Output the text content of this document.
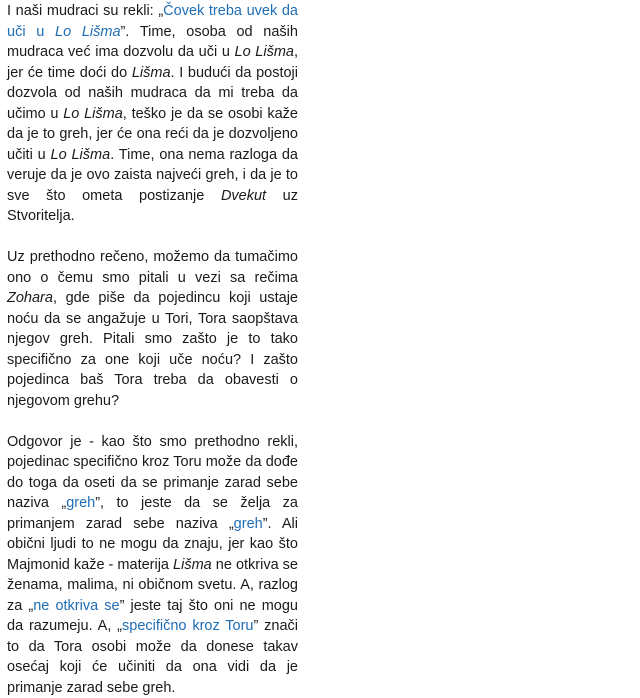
I naši mudraci su rekli: „Čovek treba uvek da uči u Lo Lišma”. Time, osoba od naših mudraca već ima dozvolu da uči u Lo Lišma, jer će time doći do Lišma. I budući da postoji dozvola od naših mudraca da mi treba da učimo u Lo Lišma, teško je da se osobi kaže da je to greh, jer će ona reći da je dozvoljeno učiti u Lo Lišma. Time, ona nema razloga da veruje da je ovo zaista najveći greh, i da je to sve što ometa postizanje Dvekut uz Stvoritelja.

Uz prethodno rečeno, možemo da tumačimo ono o čemu smo pitali u vezi sa rečima Zohara, gde piše da pojedincu koji ustaje noću da se angažuje u Tori, Tora saopštava njegov greh. Pitali smo zašto je to tako specifično za one koji uče noću? I zašto pojedinca baš Tora treba da obavesti o njegovom grehu?

Odgovor je - kao što smo prethodno rekli, pojedinac specifično kroz Toru može da dođe do toga da oseti da se primanje zarad sebe naziva „greh”, to jeste da se želja za primanjem zarad sebe naziva „greh”. Ali obični ljudi to ne mogu da znaju, jer kao što Majmonid kaže - materija Lišma ne otkriva se ženama, malima, ni običnom svetu. A, razlog za „ne otkriva se” jeste taj što oni ne mogu da razumeju. A, „specifično kroz Toru” znači to da Tora osobi može da donese takav osećaj koji će učiniti da ona vidi da je primanje zarad sebe greh.
